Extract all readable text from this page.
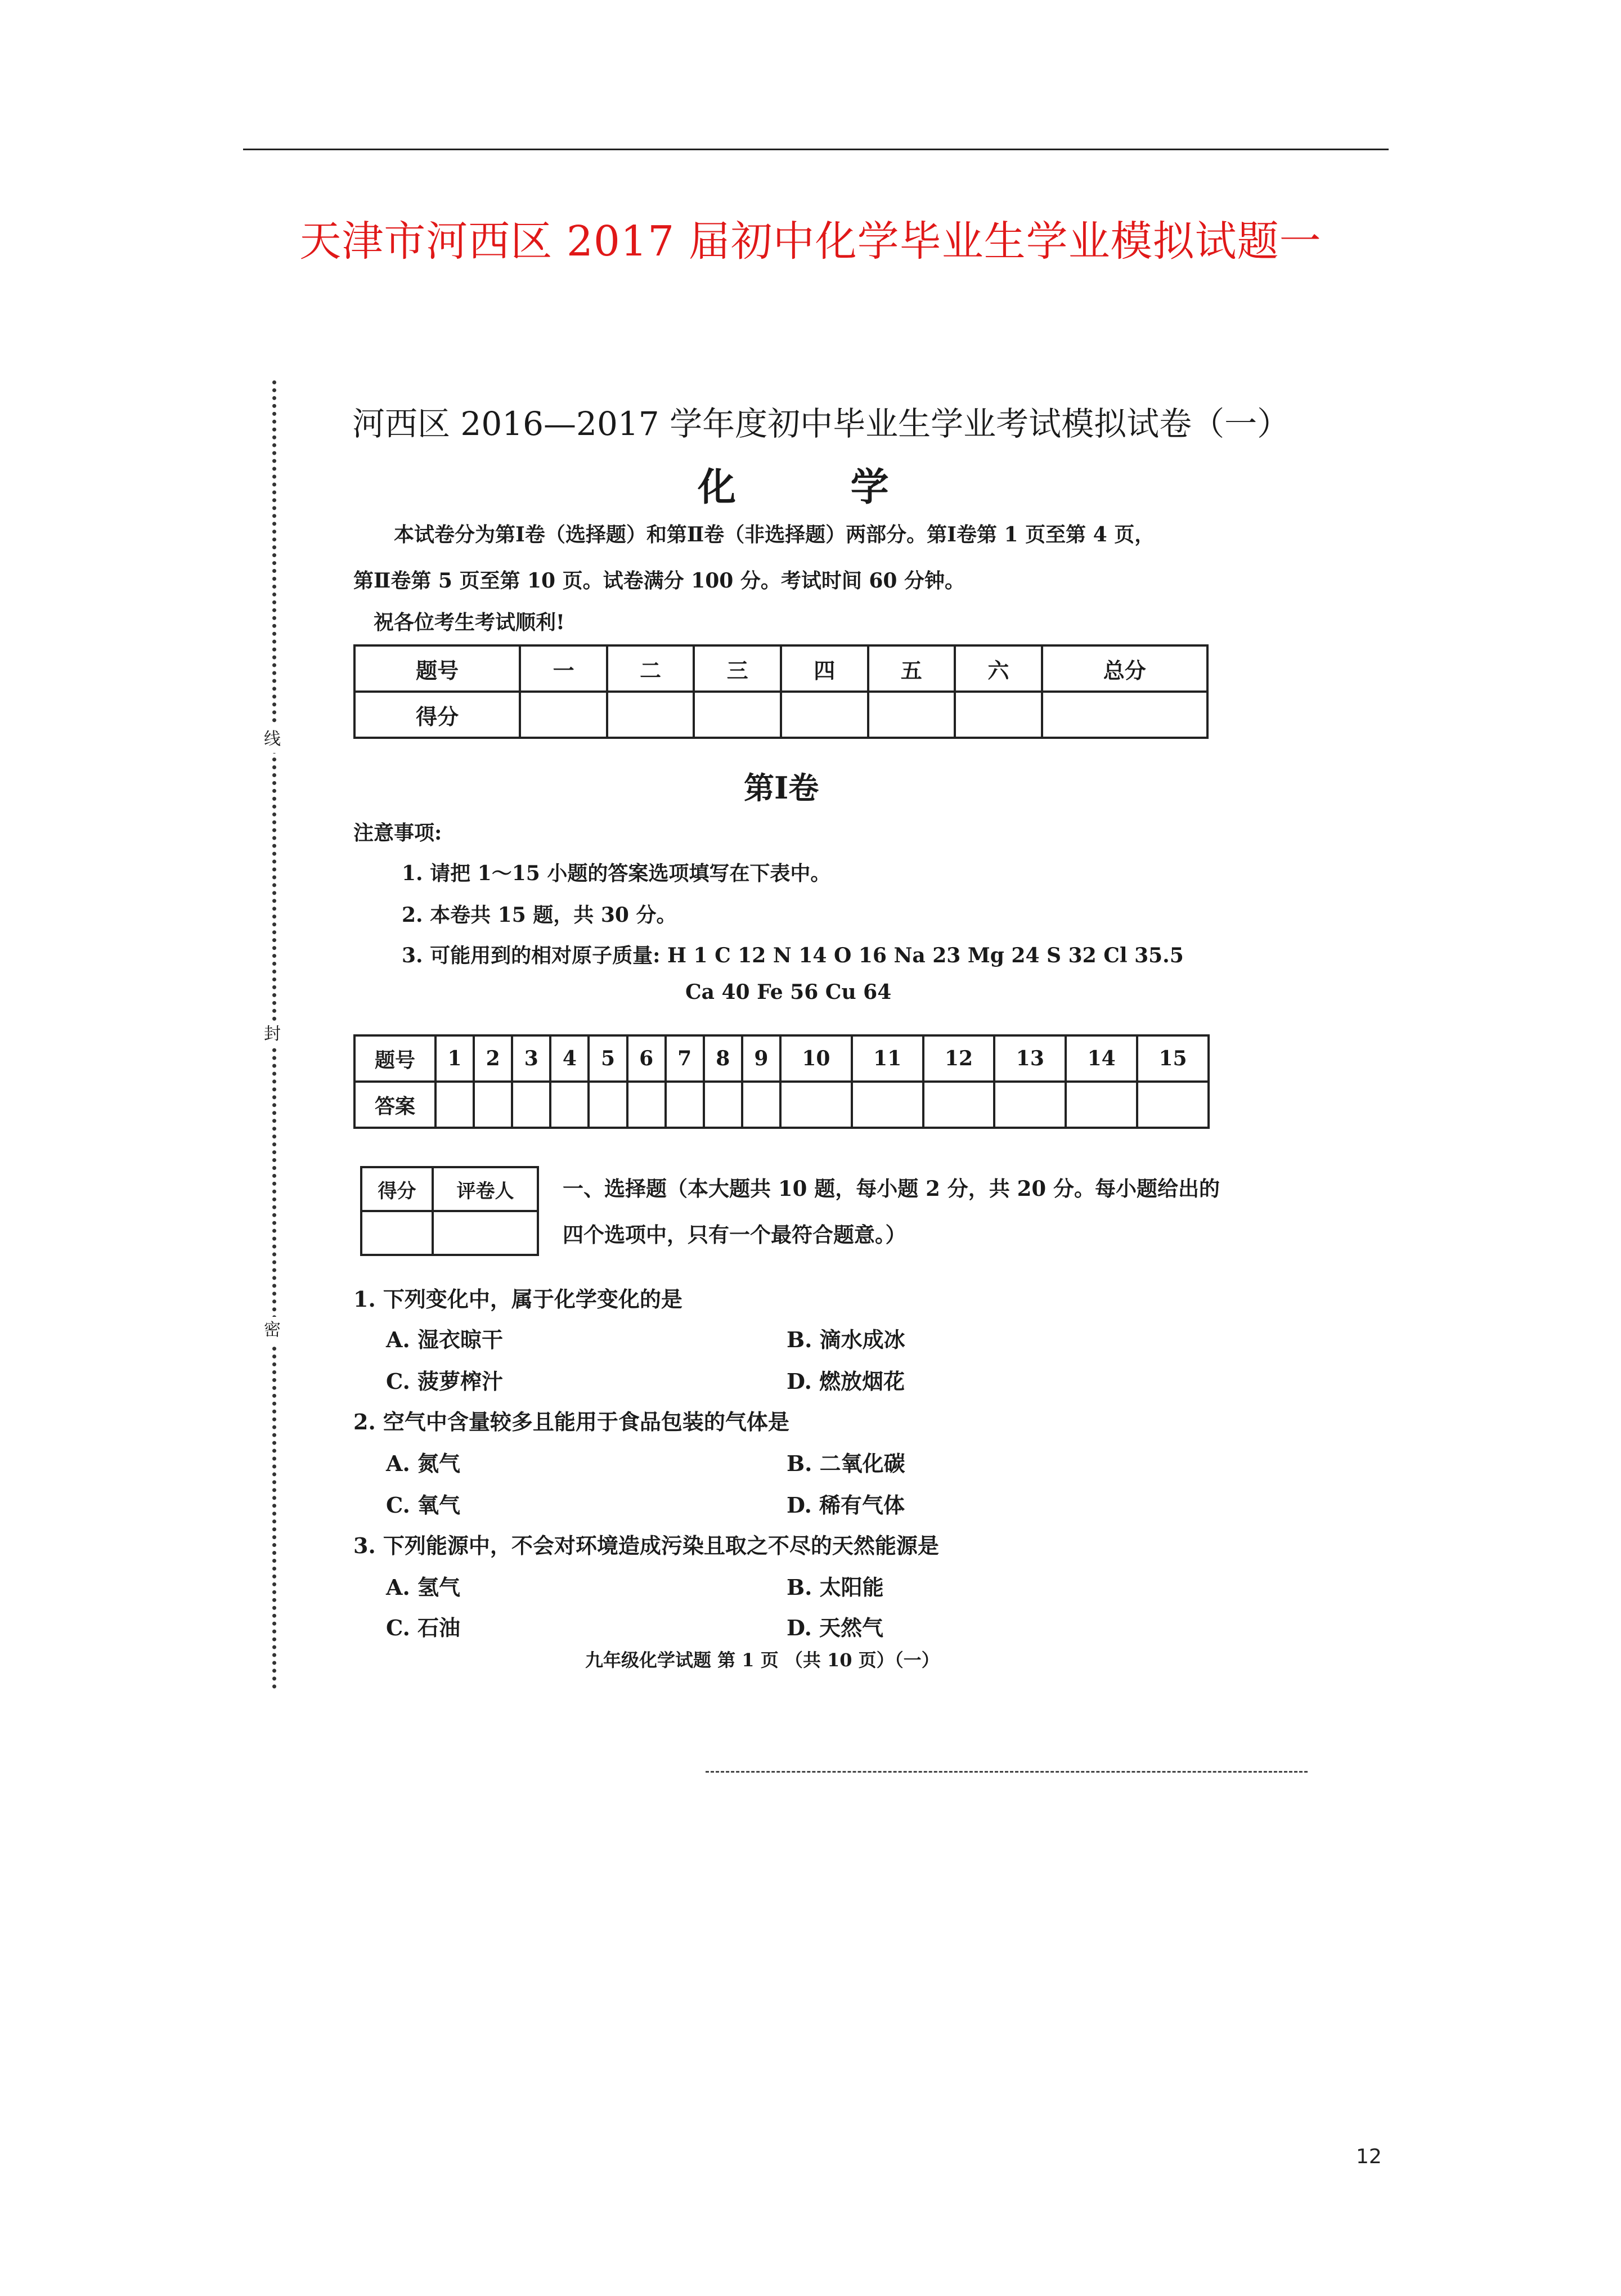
天津市河西区 2017 届初中化学毕业生学业模拟试题一
线
封
密
河西区 2016—2017 学年度初中毕业生学业考试模拟试卷（一）
化 学
本试卷分为第Ⅰ卷（选择题）和第Ⅱ卷（非选择题）两部分。第Ⅰ卷第 1 页至第 4 页，
第Ⅱ卷第 5 页至第 10 页。试卷满分 100 分。考试时间 60 分钟。
祝各位考生考试顺利!
题号	一	二	三	四	五	六	总分
得分							
第Ⅰ卷
注意事项:
1. 请把 1～15 小题的答案选项填写在下表中。
2. 本卷共 15 题，共 30 分。
3. 可能用到的相对原子质量: H 1 C 12 N 14 O 16 Na 23 Mg 24 S 32 Cl 35.5
Ca 40 Fe 56 Cu 64
题号	1	2	3	4	5	6	7	8	9	10	11	12	13	14	15
答案															
得分	评卷人
	一、选择题（本大题共 10 题，每小题 2 分，共 20 分。每小题给出的
四个选项中，只有一个最符合题意。）
1. 下列变化中，属于化学变化的是
A. 湿衣晾干	B. 滴水成冰
C. 菠萝榨汁	D. 燃放烟花
2. 空气中含量较多且能用于食品包装的气体是
A. 氮气	B. 二氧化碳
C. 氧气	D. 稀有气体
3. 下列能源中，不会对环境造成污染且取之不尽的天然能源是
A. 氢气	B. 太阳能
C. 石油	D. 天然气
九年级化学试题 第 1 页 （共 10 页）（一）
12
